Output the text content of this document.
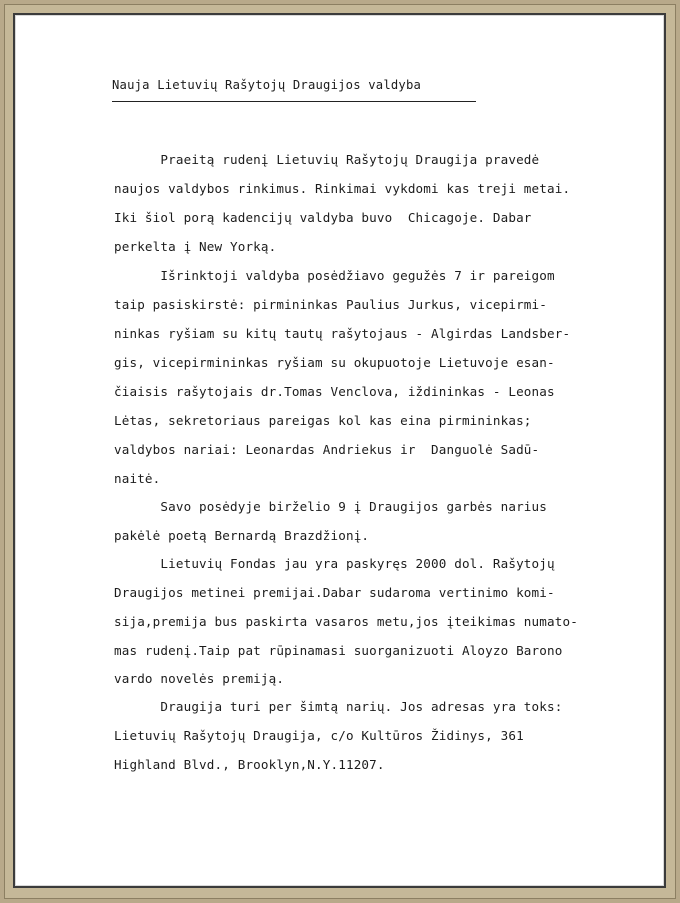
Nauja Lietuvių Rašytojų Draugijos valdyba
Praeitą rudenį Lietuvių Rašytojų Draugija pravedė
naujos valdybos rinkimus. Rinkimai vykdomi kas treji metai.
Iki šiol porą kadencijų valdyba buvo  Chicagoje. Dabar
perkelta į New Yorką.
Išrinktoji valdyba posėdžiavo gegužės 7 ir pareigom
taip pasiskirstė: pirmininkas Paulius Jurkus, vicepirmi-
ninkas ryšiam su kitų tautų rašytojaus - Algirdas Landsber-
gis, vicepirmininkas ryšiam su okupuotoje Lietuvoje esan-
čiaisis rašytojais dr.Tomas Venclova, iždininkas - Leonas
Lėtas, sekretoriaus pareigas kol kas eina pirmininkas;
valdybos nariai: Leonardas Andriekus ir  Danguolė Sadū-
naitė.
Savo posėdyje birželio 9 į Draugijos garbės narius
pakėlė poetą Bernardą Brazdžionį.
Lietuvių Fondas jau yra paskyręs 2000 dol. Rašytojų
Draugijos metinei premijai.Dabar sudaroma vertinimo komi-
sija,premija bus paskirta vasaros metu,jos įteikimas numato-
mas rudenį.Taip pat rūpinamasi suorganizuoti Aloyzo Barono
vardo novelės premiją.
Draugija turi per šimtą narių. Jos adresas yra toks:
Lietuvių Rašytojų Draugija, c/o Kultūros Židinys, 361
Highland Blvd., Brooklyn,N.Y.11207.
